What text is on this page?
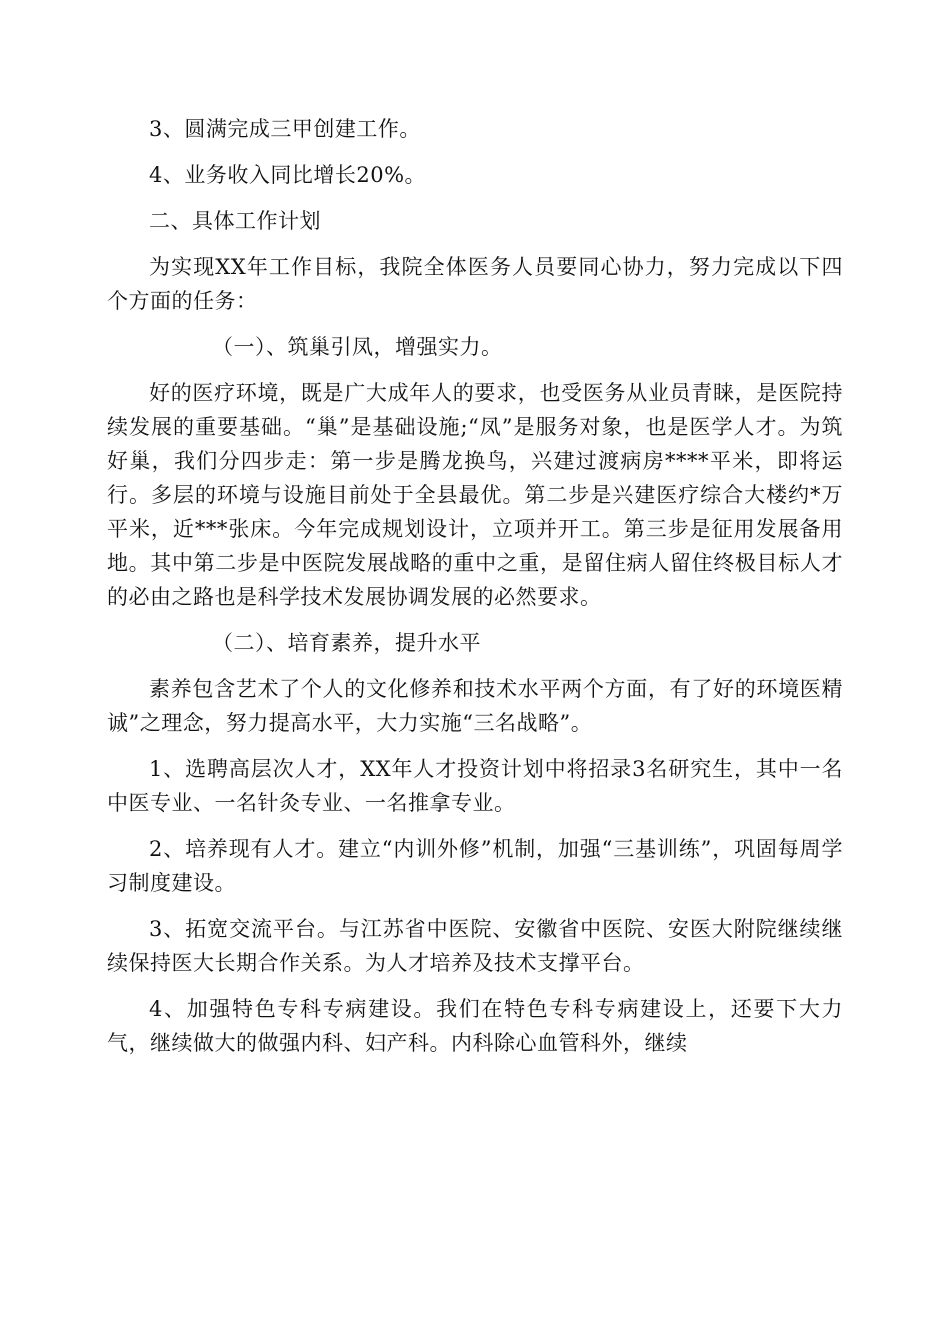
3、圆满完成三甲创建工作。

4、业务收入同比增长20%。

二、具体工作计划

为实现XX年工作目标，我院全体医务人员要同心协力，努力完成以下四个方面的任务：

（一）、筑巢引凤，增强实力。

好的医疗环境，既是广大成年人的要求，也受医务从业员青睐，是医院持续发展的重要基础。“巢”是基础设施;“凤”是服务对象，也是医学人才。为筑好巢，我们分四步走：第一步是腾龙换鸟，兴建过渡病房****平米，即将运行。多层的环境与设施目前处于全县最优。第二步是兴建医疗综合大楼约*万平米，近***张床。今年完成规划设计，立项并开工。第三步是征用发展备用地。其中第二步是中医院发展战略的重中之重，是留住病人留住终极目标人才的必由之路也是科学技术发展协调发展的必然要求。

（二）、培育素养，提升水平

素养包含艺术了个人的文化修养和技术水平两个方面，有了好的环境医精诚”之理念，努力提高水平，大力实施“三名战略”。

1、选聘高层次人才，XX年人才投资计划中将招录3名研究生，其中一名中医专业、一名针灸专业、一名推拿专业。

2、培养现有人才。建立“内训外修”机制，加强“三基训练”，巩固每周学习制度建设。

3、拓宽交流平台。与江苏省中医院、安徽省中医院、安医大附院继续继续保持医大长期合作关系。为人才培养及技术支撑平台。

4、加强特色专科专病建设。我们在特色专科专病建设上，还要下大力气，继续做大的做强内科、妇产科。内科除心血管科外，继续
